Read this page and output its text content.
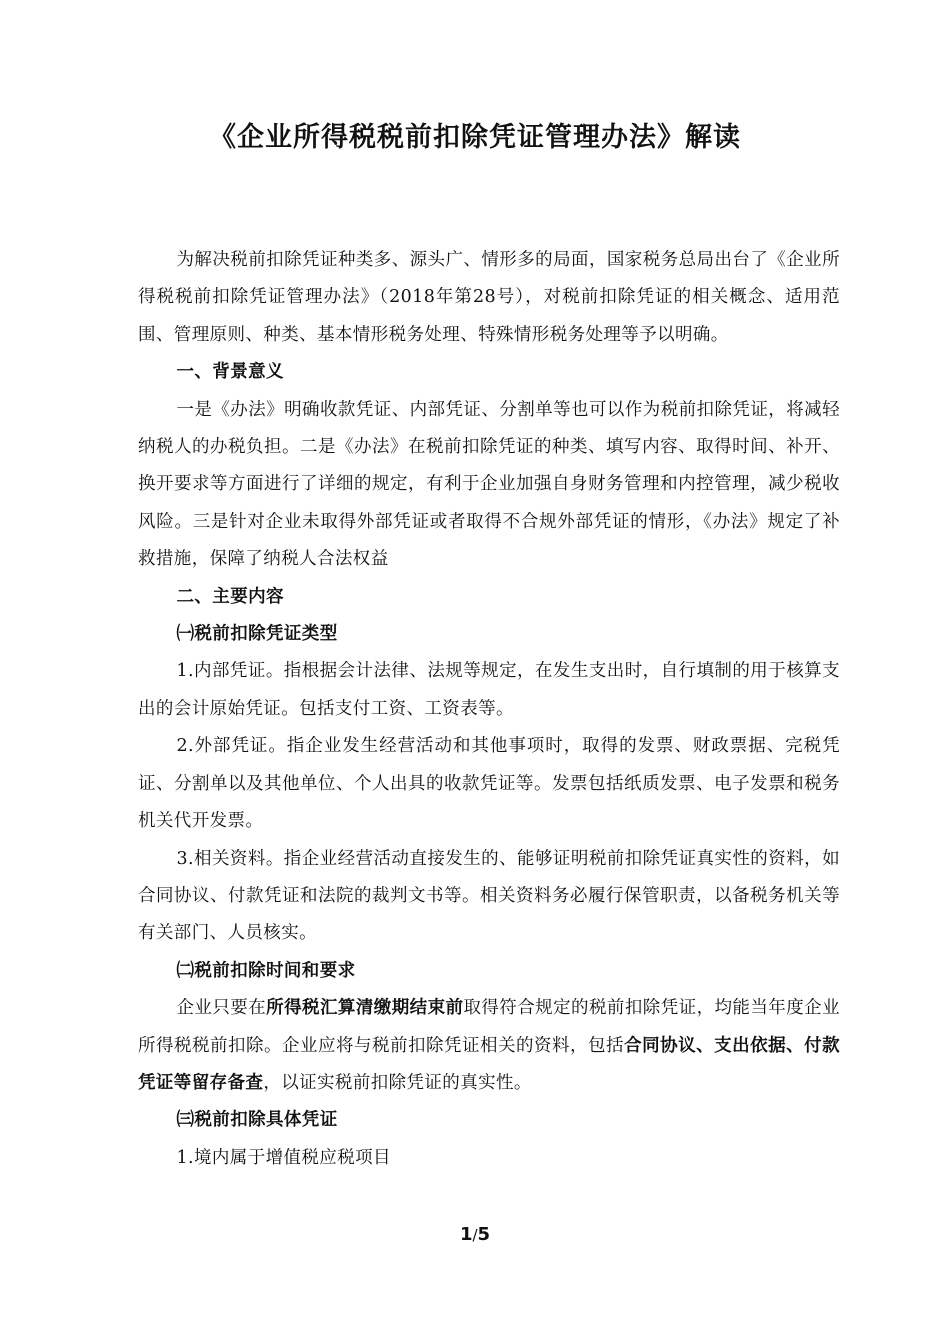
《企业所得税税前扣除凭证管理办法》解读

为解决税前扣除凭证种类多、源头广、情形多的局面，国家税务总局出台了《企业所得税税前扣除凭证管理办法》（2018年第28号），对税前扣除凭证的相关概念、适用范围、管理原则、种类、基本情形税务处理、特殊情形税务处理等予以明确。

一、背景意义

一是《办法》明确收款凭证、内部凭证、分割单等也可以作为税前扣除凭证，将减轻纳税人的办税负担。二是《办法》在税前扣除凭证的种类、填写内容、取得时间、补开、换开要求等方面进行了详细的规定，有利于企业加强自身财务管理和内控管理，减少税收风险。三是针对企业未取得外部凭证或者取得不合规外部凭证的情形，《办法》规定了补救措施，保障了纳税人合法权益

二、主要内容

㈠税前扣除凭证类型

1.内部凭证。指根据会计法律、法规等规定，在发生支出时，自行填制的用于核算支出的会计原始凭证。包括支付工资、工资表等。

2.外部凭证。指企业发生经营活动和其他事项时，取得的发票、财政票据、完税凭证、分割单以及其他单位、个人出具的收款凭证等。发票包括纸质发票、电子发票和税务机关代开发票。

3.相关资料。指企业经营活动直接发生的、能够证明税前扣除凭证真实性的资料，如合同协议、付款凭证和法院的裁判文书等。相关资料务必履行保管职责，以备税务机关等有关部门、人员核实。

㈡税前扣除时间和要求

企业只要在所得税汇算清缴期结束前取得符合规定的税前扣除凭证，均能当年度企业所得税税前扣除。企业应将与税前扣除凭证相关的资料，包括合同协议、支出依据、付款凭证等留存备查，以证实税前扣除凭证的真实性。

㈢税前扣除具体凭证

1.境内属于增值税应税项目

1/5
